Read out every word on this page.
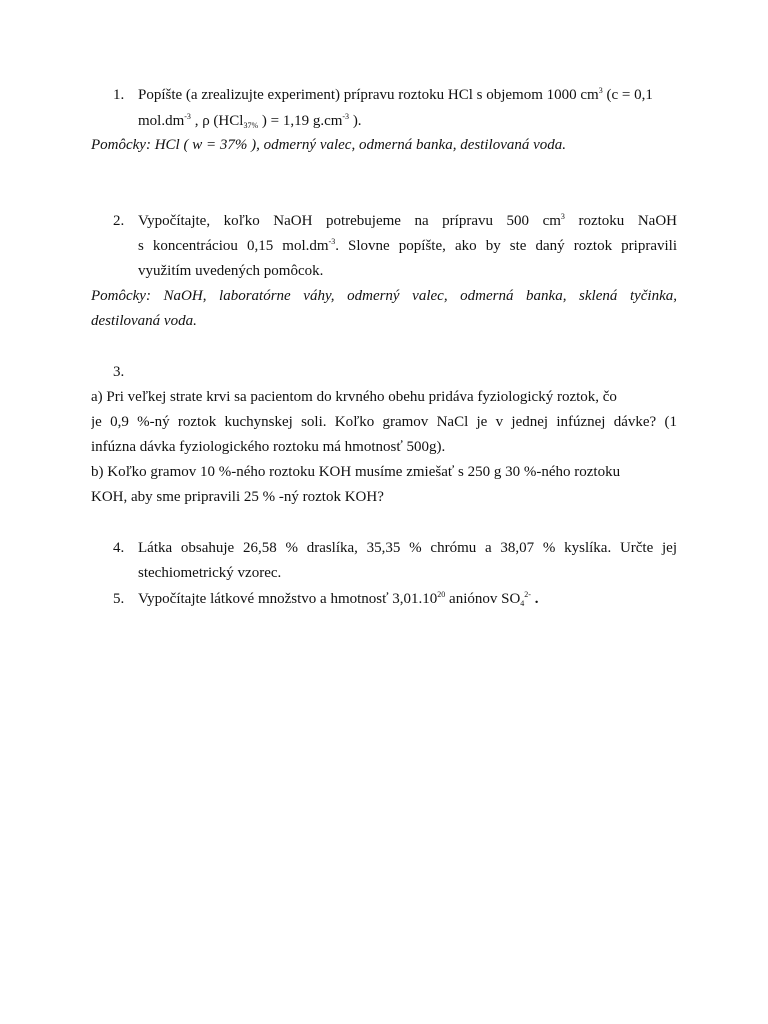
1. Popíšte (a zrealizujte experiment) prípravu roztoku HCl s objemom 1000 $cm^3$ (c = 0,1
$mol.dm^{-3}$ , ρ (HCl$_{37\%}$ ) = 1,19 $g.cm^{-3}$ ).
Pomôcky: HCl ( w = 37% ), odmerný valec, odmerná banka, destilovaná voda.
2. Vypočítajte, koľko NaOH potrebujeme na prípravu 500 $cm^3$ roztoku NaOH
s koncentráciou 0,15 $mol.dm^{-3}$. Slovne popíšte, ako by ste daný roztok pripravili
využitím uvedených pomôcok.
Pomôcky: NaOH, laboratórne váhy, odmerný valec, odmerná banka, sklená tyčinka,
destilovaná voda.
3.
a) Pri veľkej strate krvi sa pacientom do krvného obehu pridáva fyziologický roztok, čo
je 0,9 %-ný roztok kuchynskej soli. Koľko gramov NaCl je v jednej infúznej dávke? (1
infúzna dávka fyziologického roztoku má hmotnosť 500g).
b) Koľko gramov 10 %-ného roztoku KOH musíme zmiešať s 250 g 30 %-ného roztoku
KOH, aby sme pripravili 25 % -ný roztok KOH?
4. Látka obsahuje 26,58 % draslíka, 35,35 % chrómu a 38,07 % kyslíka. Určte jej
stechiometrický vzorec.
5. Vypočítajte látkové množstvo a hmotnosť 3,01.10$^{20}$ aniónov $SO_4^{2-}$ .
